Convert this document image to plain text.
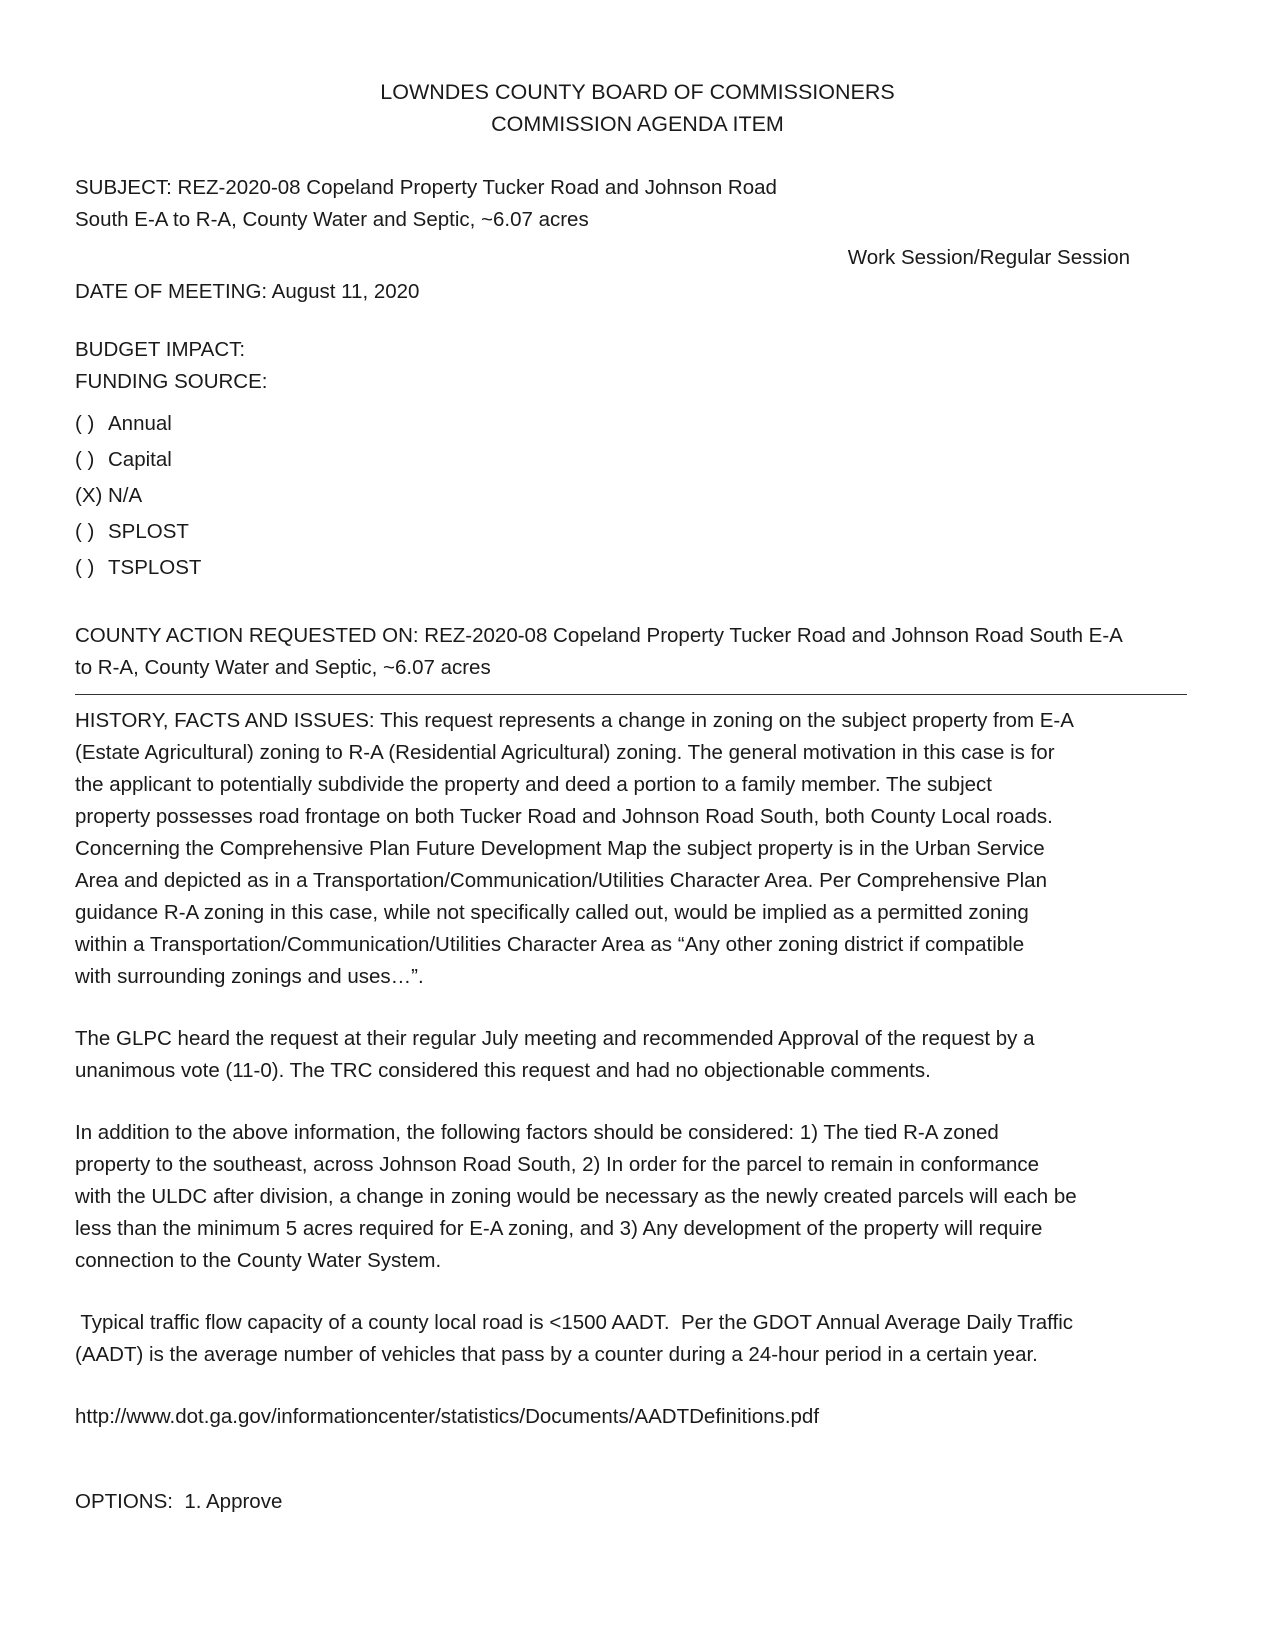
LOWNDES COUNTY BOARD OF COMMISSIONERS
COMMISSION AGENDA ITEM
SUBJECT: REZ-2020-08 Copeland Property Tucker Road and Johnson Road
South E-A to R-A, County Water and Septic, ~6.07 acres
Work Session/Regular Session
DATE OF MEETING: August 11, 2020
BUDGET IMPACT:
FUNDING SOURCE:
( ) Annual
( ) Capital
(X) N/A
( ) SPLOST
( ) TSPLOST
COUNTY ACTION REQUESTED ON: REZ-2020-08 Copeland Property Tucker Road and Johnson Road South E-A
to R-A, County Water and Septic, ~6.07 acres
HISTORY, FACTS AND ISSUES: This request represents a change in zoning on the subject property from E-A
(Estate Agricultural) zoning to R-A (Residential Agricultural) zoning. The general motivation in this case is for
the applicant to potentially subdivide the property and deed a portion to a family member. The subject
property possesses road frontage on both Tucker Road and Johnson Road South, both County Local roads.
Concerning the Comprehensive Plan Future Development Map the subject property is in the Urban Service
Area and depicted as in a Transportation/Communication/Utilities Character Area. Per Comprehensive Plan
guidance R-A zoning in this case, while not specifically called out, would be implied as a permitted zoning
within a Transportation/Communication/Utilities Character Area as “Any other zoning district if compatible
with surrounding zonings and uses…”.
The GLPC heard the request at their regular July meeting and recommended Approval of the request by a
unanimous vote (11-0). The TRC considered this request and had no objectionable comments.
In addition to the above information, the following factors should be considered: 1) The tied R-A zoned
property to the southeast, across Johnson Road South, 2) In order for the parcel to remain in conformance
with the ULDC after division, a change in zoning would be necessary as the newly created parcels will each be
less than the minimum 5 acres required for E-A zoning, and 3) Any development of the property will require
connection to the County Water System.
Typical traffic flow capacity of a county local road is <1500 AADT.  Per the GDOT Annual Average Daily Traffic
(AADT) is the average number of vehicles that pass by a counter during a 24-hour period in a certain year.
http://www.dot.ga.gov/informationcenter/statistics/Documents/AADTDefinitions.pdf
OPTIONS:  1. Approve
